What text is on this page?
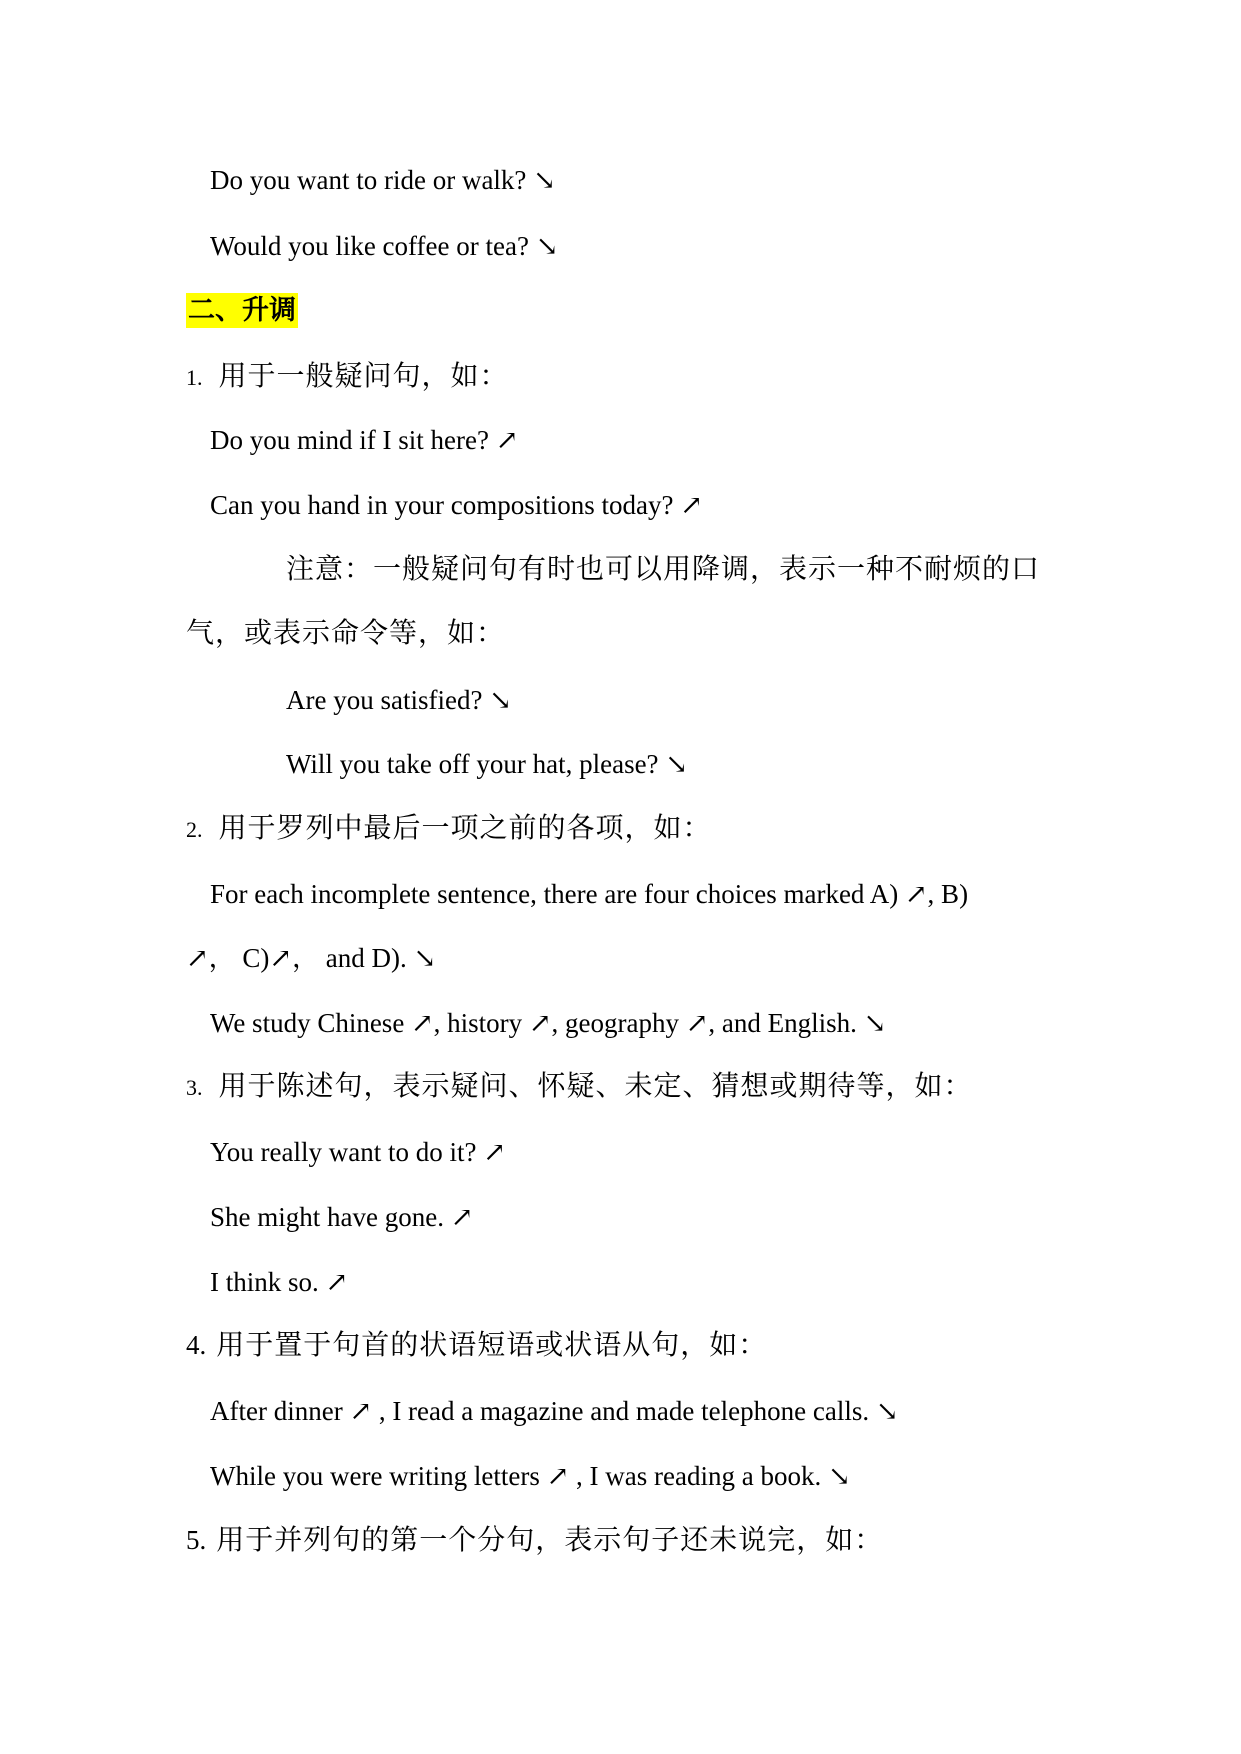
Do you want to ride or walk? ↘
Would you like coffee or tea? ↘
二、升调
1. 用于一般疑问句，如：
Do you mind if I sit here? ↗
Can you hand in your compositions today? ↗
注意：一般疑问句有时也可以用降调，表示一种不耐烦的口
气，或表示命令等，如：
Are you satisfied? ↘
Will you take off your hat, please? ↘
2. 用于罗列中最后一项之前的各项，如：
For each incomplete sentence, there are four choices marked A) ↗, B)
↗， C)↗， and D). ↘
We study Chinese ↗, history ↗, geography ↗, and English. ↘
3. 用于陈述句，表示疑问、怀疑、未定、猜想或期待等，如：
You really want to do it? ↗
She might have gone. ↗
I think so. ↗
4. 用于置于句首的状语短语或状语从句，如：
After dinner ↗ , I read a magazine and made telephone calls. ↘
While you were writing letters ↗ , I was reading a book. ↘
5. 用于并列句的第一个分句，表示句子还未说完，如：
